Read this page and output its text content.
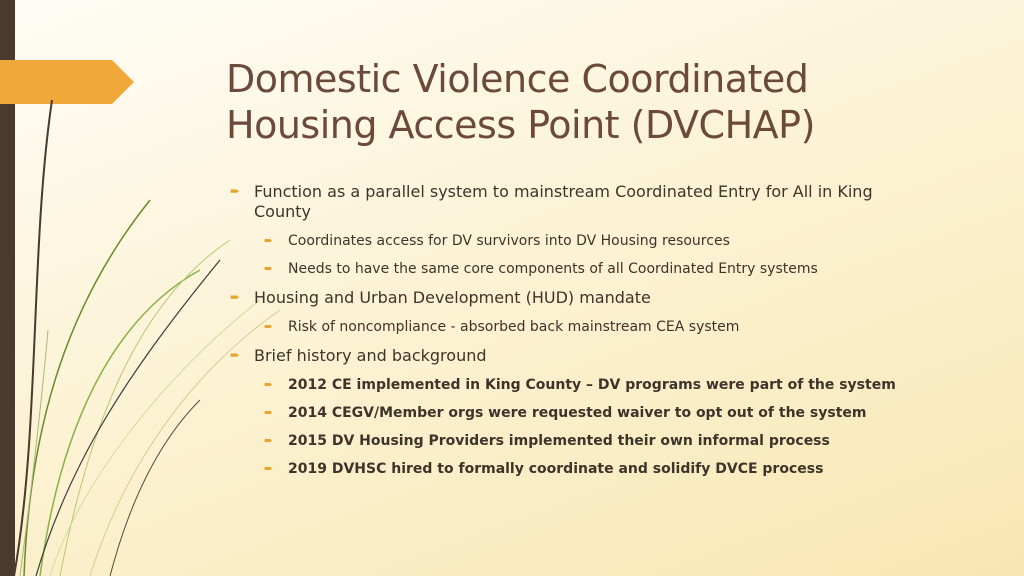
Domestic Violence Coordinated
Housing Access Point (DVCHAP)
➨ Function as a parallel system to mainstream Coordinated Entry for All in King
County
➨ Coordinates access for DV survivors into DV Housing resources
➨ Needs to have the same core components of all Coordinated Entry systems
➨ Housing and Urban Development (HUD) mandate
➨ Risk of noncompliance - absorbed back mainstream CEA system
➨ Brief history and background
➨ 2012 CE implemented in King County – DV programs were part of the system
➨ 2014 CEGV/Member orgs were requested waiver to opt out of the system
➨ 2015 DV Housing Providers implemented their own informal process
➨ 2019 DVHSC hired to formally coordinate and solidify DVCE process
